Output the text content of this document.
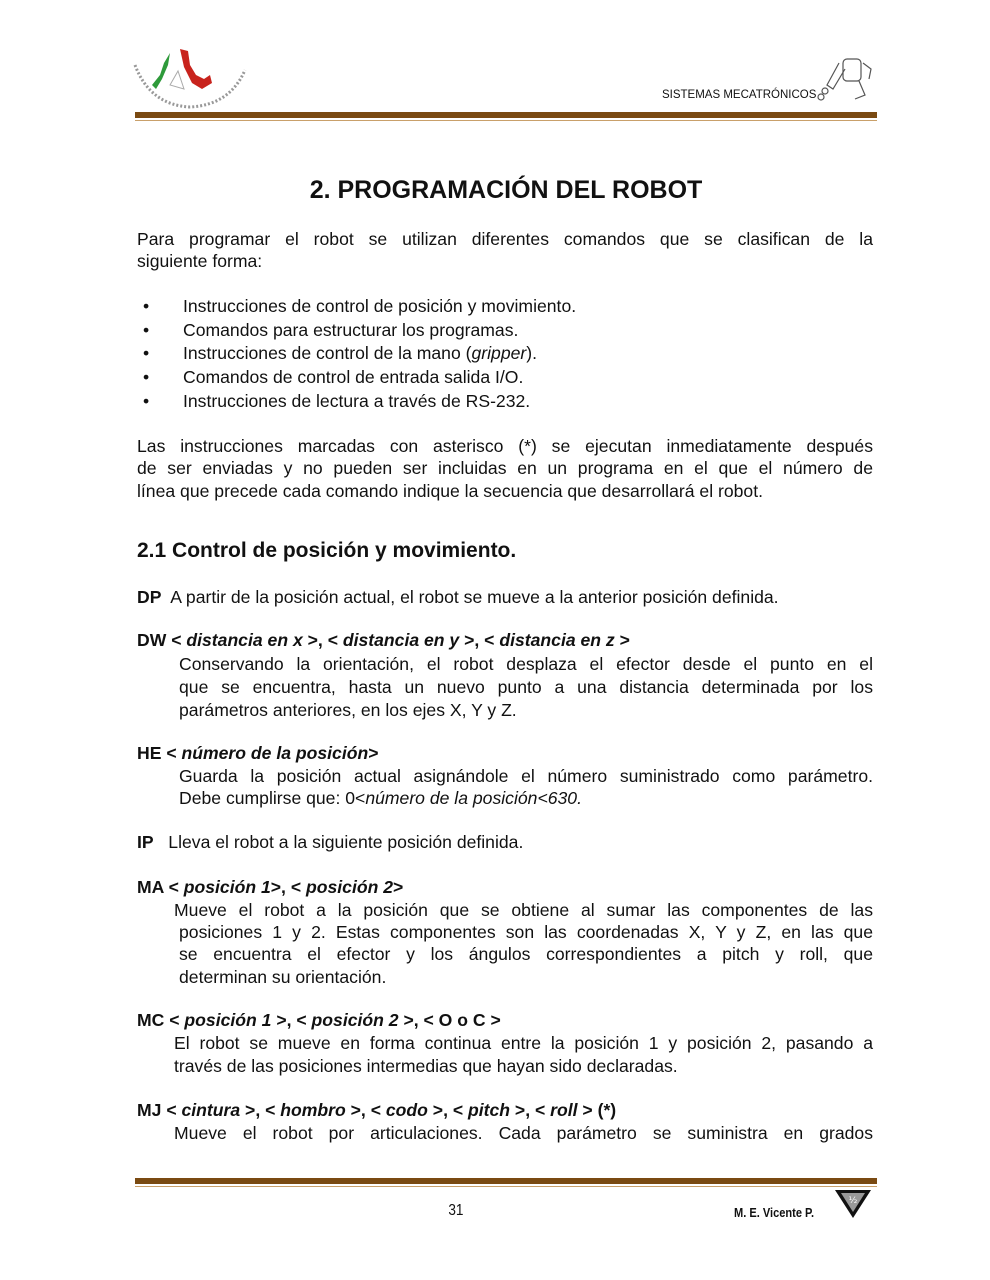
SISTEMAS MECATRÓNICOS
2. PROGRAMACIÓN DEL ROBOT
2.1 Control de posición y movimiento.
Para programar el robot se utilizan diferentes comandos que se clasifican de la
siguiente forma:
Instrucciones de control de posición y movimiento.
•
Comandos para estructurar los programas.
•
Instrucciones de control de la mano (gripper).
•
Comandos de control de entrada salida I/O.
•
Instrucciones de lectura a través de RS-232.
•
Las instrucciones marcadas con asterisco (*) se ejecutan inmediatamente después
de ser enviadas y no pueden ser incluidas en un programa en el que el número de
línea que precede cada comando indique la secuencia que desarrollará el robot.
DP  A partir de la posición actual, el robot se mueve a la anterior posición definida.
DW < distancia en x >, < distancia en y >, < distancia en z >
Conservando la orientación, el robot desplaza el efector desde el punto en el
que se encuentra, hasta un nuevo punto a una distancia determinada por los
parámetros anteriores, en los ejes X, Y y Z.
HE < número de la posición>
Guarda la posición actual asignándole el número suministrado como parámetro.
Debe cumplirse que: 0<número de la posición<630.
IP   Lleva el robot a la siguiente posición definida.
MA < posición 1>, < posición 2>
Mueve el robot a la posición que se obtiene al sumar las componentes de las
posiciones 1 y 2. Estas componentes son las coordenadas X, Y y Z, en las que
se encuentra el efector y los ángulos correspondientes a pitch y roll, que
determinan su orientación.
MC < posición 1 >, < posición 2 >, < O o C >
El robot se mueve en forma continua entre la posición 1 y posición 2, pasando a
través de las posiciones intermedias que hayan sido declaradas.
MJ < cintura >, < hombro >, < codo >, < pitch >, < roll > (*)
Mueve el robot por articulaciones. Cada parámetro se suministra en grados
31	M. E. Vicente P.
½
